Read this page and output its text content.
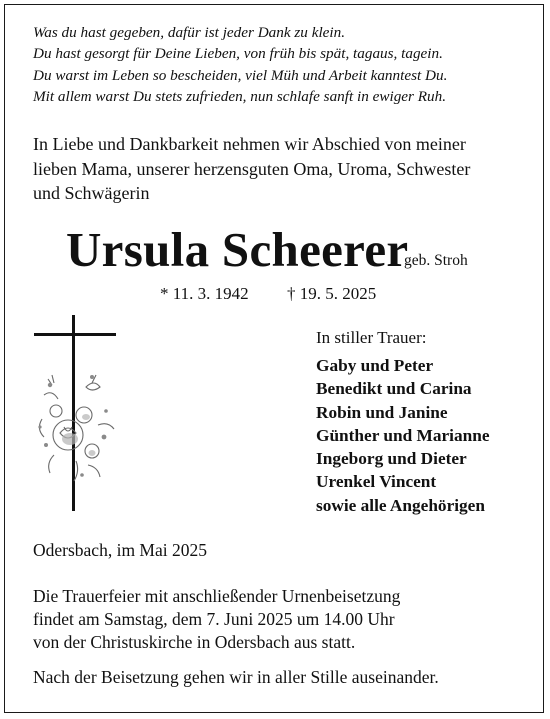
Was du hast gegeben, dafür ist jeder Dank zu klein.
Du hast gesorgt für Deine Lieben, von früh bis spät, tagaus, tagein.
Du warst im Leben so bescheiden, viel Müh und Arbeit kanntest Du.
Mit allem warst Du stets zufrieden, nun schlafe sanft in ewiger Ruh.
In Liebe und Dankbarkeit nehmen wir Abschied von meiner
lieben Mama, unserer herzensguten Oma, Uroma, Schwester
und Schwägerin
Ursula Scheerer
geb. Stroh
* 11. 3. 1942 † 19. 5. 2025
In stiller Trauer:
Gaby und Peter
Benedikt und Carina
Robin und Janine
Günther und Marianne
Ingeborg und Dieter
Urenkel Vincent
sowie alle Angehörigen
Odersbach, im Mai 2025
Die Trauerfeier mit anschließender Urnenbeisetzung
findet am Samstag, dem 7. Juni 2025 um 14.00 Uhr
von der Christuskirche in Odersbach aus statt.
Nach der Beisetzung gehen wir in aller Stille auseinander.
